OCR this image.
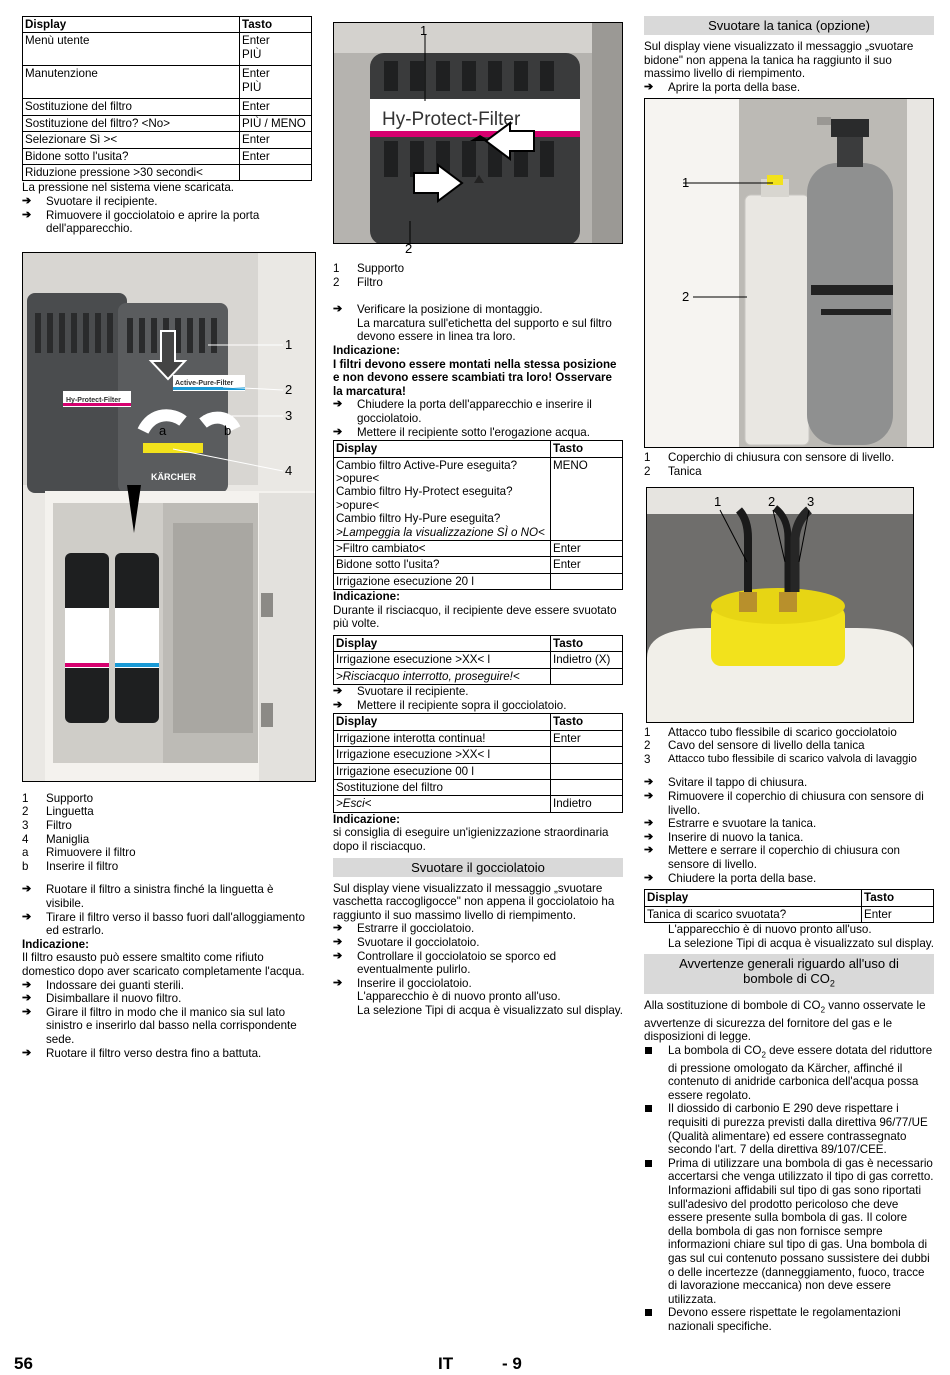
Display	Tasto
Menù utente	Enter
PIÙ
Manutenzione	Enter
PIÙ
Sostituzione del filtro	Enter
Sostituzione del filtro? <No>	PIÙ / MENO
Selezionare Sì ><	Enter
Bidone sotto l'usita?	Enter
Riduzione pressione >30 secondi<	

La pressione nel sistema viene scaricata.

➔ Svuotare il recipiente.

➔ Rimuovere il gocciolatoio e aprire la porta dell'apparecchio.

Hy-Protect-Filter
Active-Pure-Filter
KÄRCHER
a	b
1
2
3
4
1	Supporto
2	Linguetta
3	Filtro
4	Maniglia
a	Rimuovere il filtro
b	Inserire il filtro

➔ Ruotare il filtro a sinistra finché la linguetta è visibile.

➔ Tirare il filtro verso il basso fuori dall'alloggiamento ed estrarlo.

Indicazione:

Il filtro esausto può essere smaltito come rifiuto domestico dopo aver scaricato completamente l'acqua.

➔ Indossare dei guanti sterili.

➔ Disimballare il nuovo filtro.

➔ Girare il filtro in modo che il manico sia sul lato sinistro e inserirlo dal basso nella corrispondente sede.

➔ Ruotare il filtro verso destra fino a battuta.

Hy-Protect-Filter
1
2
1	Supporto
2	Filtro

➔ Verificare la posizione di montaggio.

La marcatura sull'etichetta del supporto e sul filtro devono essere in linea tra loro.

Indicazione:

I filtri devono essere montati nella stessa posizione e non devono essere scambiati tra loro! Osservare la marcatura!

➔ Chiudere la porta dell'apparecchio e inserire il gocciolatoio.

➔ Mettere il recipiente sotto l'erogazione acqua.

Display	Tasto

Cambio filtro Active-Pure eseguita? >opure<
Cambio filtro Hy-Protect eseguita? >opure<
Cambio filtro Hy-Pure eseguita?
>Lampeggia la visualizzazione SÌ o NO<	MENO
>Filtro cambiato<	Enter
Bidone sotto l'usita?	Enter
Irrigazione esecuzione 20 l	

Indicazione:

Durante il risciacquo, il recipiente deve essere svuotato più volte.

Display	Tasto
Irrigazione esecuzione >XX< l	Indietro (X)
>Risciacquo interrotto, proseguire!<	

➔ Svuotare il recipiente.

➔ Mettere il recipiente sopra il gocciolatoio.

Display	Tasto
Irrigazione interotta continua!	Enter
Irrigazione esecuzione >XX< l	
Irrigazione esecuzione 00 l	
Sostituzione del filtro	
>Esci<	Indietro

Indicazione:

si consiglia di eseguire un'igienizzazione straordinaria dopo il risciacquo.

Svuotare il gocciolatoio

Sul display viene visualizzato il messaggio „svuotare vaschetta raccogligocce" non appena il gocciolatoio ha raggiunto il suo massimo livello di riempimento.

➔ Estrarre il gocciolatoio.

➔ Svuotare il gocciolatoio.

➔ Controllare il gocciolatoio se sporco ed eventualmente pulirlo.

➔ Inserire il gocciolatoio.

L'apparecchio è di nuovo pronto all'uso.

La selezione Tipi di acqua è visualizzato sul display.

Svuotare la tanica (opzione)

Sul display viene visualizzato il messaggio „svuotare bidone" non appena la tanica ha raggiunto il suo massimo livello di riempimento.

➔ Aprire la porta della base.

1
2
1	Coperchio di chiusura con sensore di livello.
2	Tanica
1	2 3
1	Attacco tubo flessibile di scarico gocciolatoio
2	Cavo del sensore di livello della tanica
3	Attacco tubo flessibile di scarico valvola di lavaggio

➔ Svitare il tappo di chiusura.

➔ Rimuovere il coperchio di chiusura con sensore di livello.

➔ Estrarre e svuotare la tanica.

➔ Inserire di nuovo la tanica.

➔ Mettere e serrare il coperchio di chiusura con sensore di livello.

➔ Chiudere la porta della base.

Display	Tasto
Tanica di scarico svuotata?	Enter

L'apparecchio è di nuovo pronto all'uso.

La selezione Tipi di acqua è visualizzato sul display.

Avvertenze generali riguardo all'uso di
bombole di $CO_2$

Alla sostituzione di bombole di $CO_2$ vanno osservate le avvertenze di sicurezza del fornitore del gas e le disposizioni di legge.

La bombola di $CO_2$ deve essere dotata del riduttore di pressione omologato da Kärcher, affinché il contenuto di anidride carbonica dell'acqua possa essere regolato.

Il diossido di carbonio E 290 deve rispettare i requisiti di purezza previsti dalla direttiva 96/77/UE (Qualità alimentare) ed essere contrassegnato secondo l'art. 7 della direttiva 89/107/CEE.

Prima di utilizzare una bombola di gas è necessario accertarsi che venga utilizzato il tipo di gas corretto. Informazioni affidabili sul tipo di gas sono riportati sull'adesivo del prodotto pericoloso che deve essere presente sulla bombola di gas. Il colore della bombola di gas non fornisce sempre informazioni chiare sul tipo di gas. Una bombola di gas sul cui contenuto possano sussistere dei dubbi o delle incertezze (danneggiamento, fuoco, tracce di lavorazione meccanica) non deve essere utilizzata.

Devono essere rispettate le regolamentazioni nazionali specifiche.

56	IT	- 9
